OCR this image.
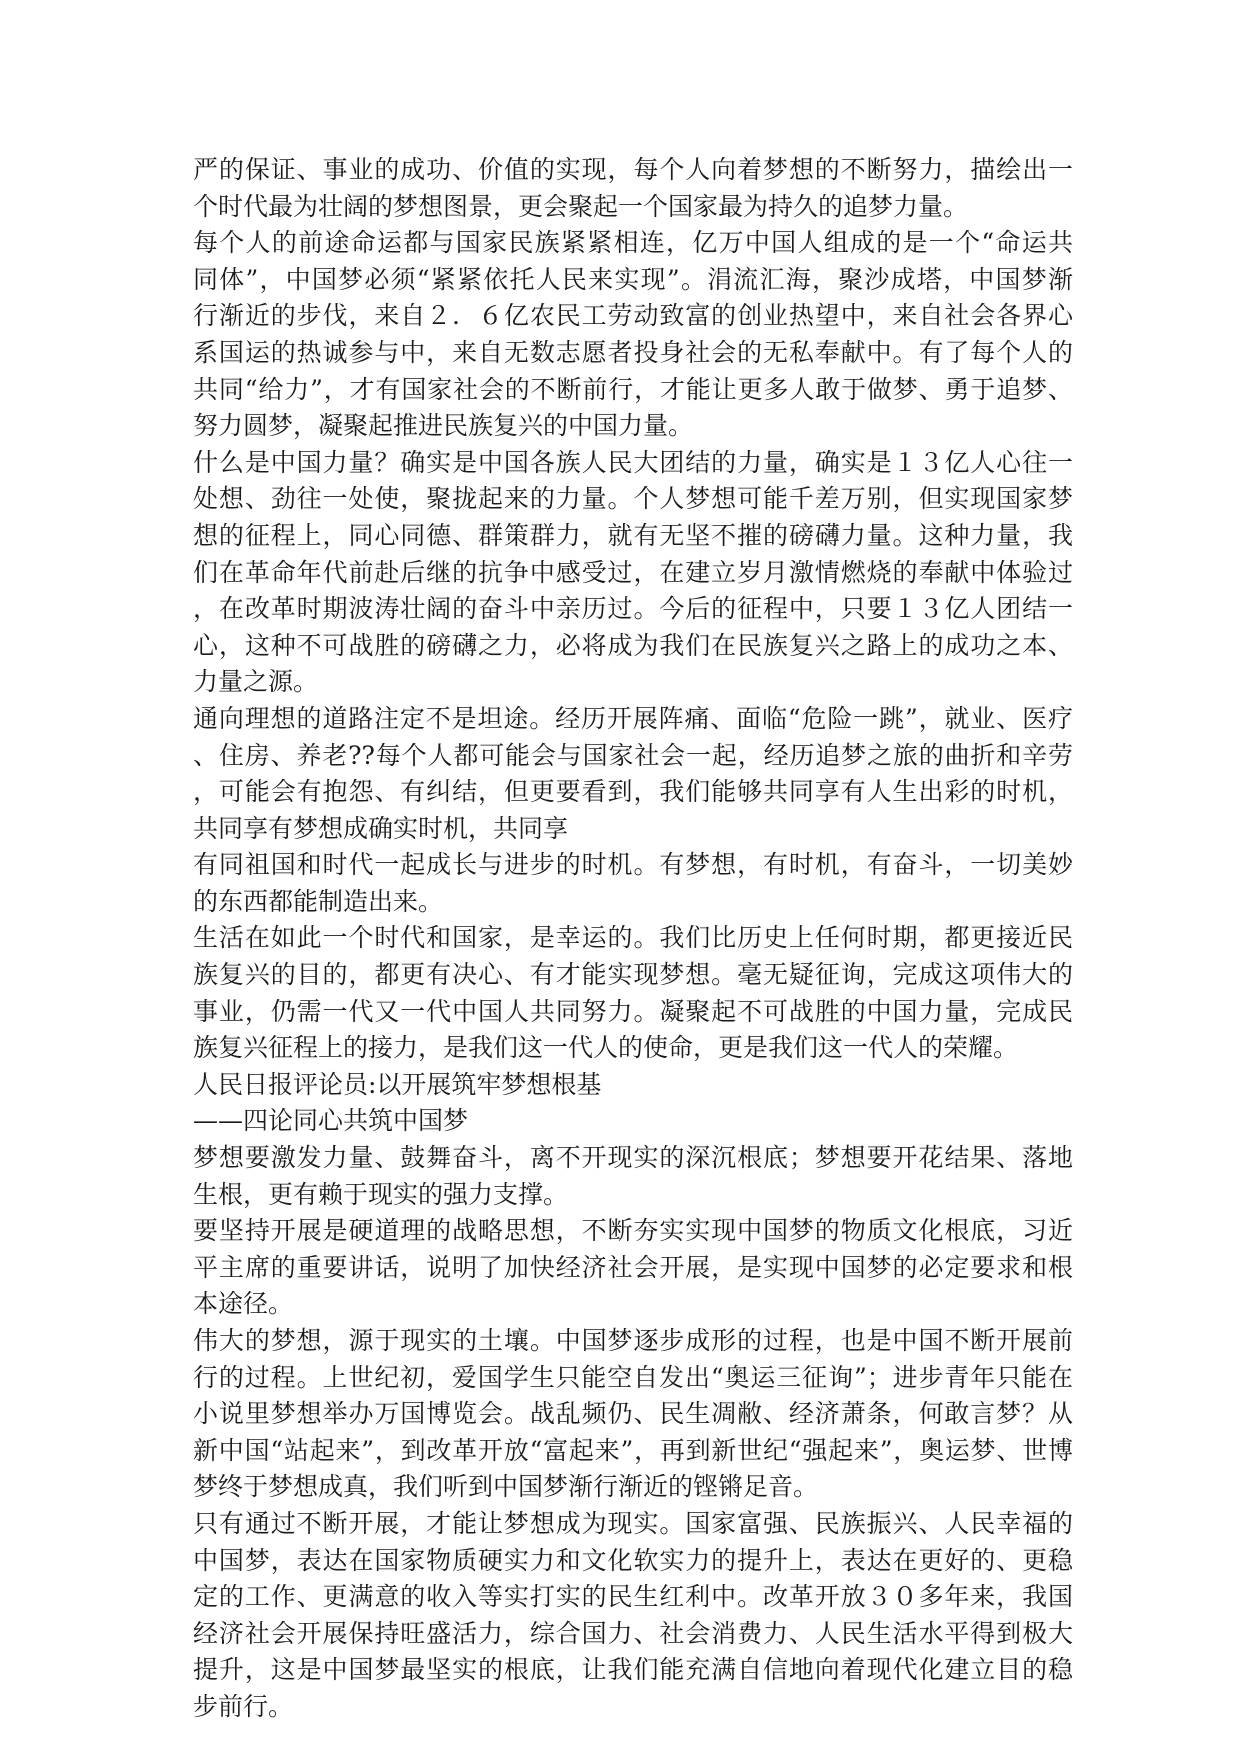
严的保证、事业的成功、价值的实现，每个人向着梦想的不断努力，描绘出一
个时代最为壮阔的梦想图景，更会聚起一个国家最为持久的追梦力量。
每个人的前途命运都与国家民族紧紧相连，亿万中国人组成的是一个“命运共
同体”，中国梦必须“紧紧依托人民来实现”。涓流汇海，聚沙成塔，中国梦渐
行渐近的步伐，来自２．６亿农民工劳动致富的创业热望中，来自社会各界心
系国运的热诚参与中，来自无数志愿者投身社会的无私奉献中。有了每个人的
共同“给力”，才有国家社会的不断前行，才能让更多人敢于做梦、勇于追梦、
努力圆梦，凝聚起推进民族复兴的中国力量。
什么是中国力量？确实是中国各族人民大团结的力量，确实是１３亿人心往一
处想、劲往一处使，聚拢起来的力量。个人梦想可能千差万别，但实现国家梦
想的征程上，同心同德、群策群力，就有无坚不摧的磅礴力量。这种力量，我
们在革命年代前赴后继的抗争中感受过，在建立岁月激情燃烧的奉献中体验过
，在改革时期波涛壮阔的奋斗中亲历过。今后的征程中，只要１３亿人团结一
心，这种不可战胜的磅礴之力，必将成为我们在民族复兴之路上的成功之本、
力量之源。
通向理想的道路注定不是坦途。经历开展阵痛、面临“危险一跳”，就业、医疗
、住房、养老??每个人都可能会与国家社会一起，经历追梦之旅的曲折和辛劳
，可能会有抱怨、有纠结，但更要看到，我们能够共同享有人生出彩的时机，
共同享有梦想成确实时机，共同享
有同祖国和时代一起成长与进步的时机。有梦想，有时机，有奋斗，一切美妙
的东西都能制造出来。
生活在如此一个时代和国家，是幸运的。我们比历史上任何时期，都更接近民
族复兴的目的，都更有决心、有才能实现梦想。毫无疑征询，完成这项伟大的
事业，仍需一代又一代中国人共同努力。凝聚起不可战胜的中国力量，完成民
族复兴征程上的接力，是我们这一代人的使命，更是我们这一代人的荣耀。
人民日报评论员:以开展筑牢梦想根基
——四论同心共筑中国梦
梦想要激发力量、鼓舞奋斗，离不开现实的深沉根底；梦想要开花结果、落地
生根，更有赖于现实的强力支撑。
要坚持开展是硬道理的战略思想，不断夯实实现中国梦的物质文化根底，习近
平主席的重要讲话，说明了加快经济社会开展，是实现中国梦的必定要求和根
本途径。
伟大的梦想，源于现实的土壤。中国梦逐步成形的过程，也是中国不断开展前
行的过程。上世纪初，爱国学生只能空自发出“奥运三征询”；进步青年只能在
小说里梦想举办万国博览会。战乱频仍、民生凋敝、经济萧条，何敢言梦？从
新中国“站起来”，到改革开放“富起来”，再到新世纪“强起来”，奥运梦、世博
梦终于梦想成真，我们听到中国梦渐行渐近的铿锵足音。
只有通过不断开展，才能让梦想成为现实。国家富强、民族振兴、人民幸福的
中国梦，表达在国家物质硬实力和文化软实力的提升上，表达在更好的、更稳
定的工作、更满意的收入等实打实的民生红利中。改革开放３０多年来，我国
经济社会开展保持旺盛活力，综合国力、社会消费力、人民生活水平得到极大
提升，这是中国梦最坚实的根底，让我们能充满自信地向着现代化建立目的稳
步前行。
